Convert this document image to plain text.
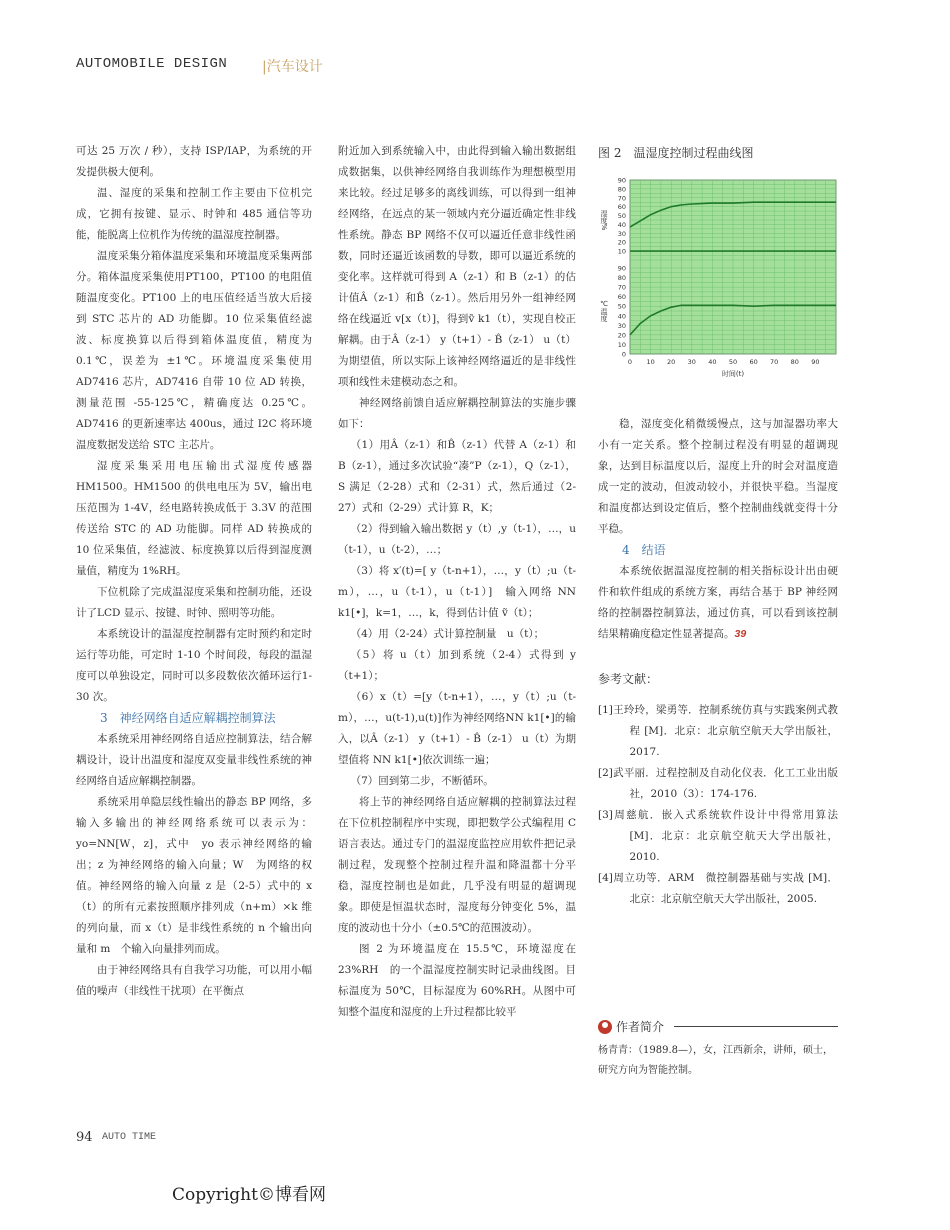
AUTOMOBILE DESIGN |汽车设计

可达 25 万次 / 秒），支持 ISP/IAP，为系统的开发提供极大便利。

温、湿度的采集和控制工作主要由下位机完成，它拥有按键、显示、时钟和 485 通信等功能，能脱离上位机作为传统的温湿度控制器。

温度采集分箱体温度采集和环境温度采集两部分。箱体温度采集使用PT100，PT100 的电阻值随温度变化。PT100 上的电压值经适当放大后接到 STC 芯片的 AD 功能脚。10 位采集值经滤波、标度换算以后得到箱体温度值，精度为 0.1℃，误差为 ±1℃。环境温度采集使用 AD7416 芯片，AD7416 自带 10 位 AD 转换，测量范围 -55-125℃，精确度达 0.25℃。AD7416 的更新速率达 400us，通过 I2C 将环境温度数据发送给 STC 主芯片。

湿度采集采用电压输出式湿度传感器 HM1500。HM1500 的供电电压为 5V，输出电压范围为 1-4V，经电路转换成低于 3.3V 的范围传送给 STC 的 AD 功能脚。同样 AD 转换成的 10 位采集值，经滤波、标度换算以后得到湿度测量值，精度为 1%RH。

下位机除了完成温湿度采集和控制功能，还设计了LCD 显示、按键、时钟、照明等功能。

本系统设计的温湿度控制器有定时预约和定时运行等功能，可定时 1-10 个时间段，每段的温湿度可以单独设定，同时可以多段数依次循环运行1-30 次。

3　神经网络自适应解耦控制算法

本系统采用神经网络自适应控制算法，结合解耦设计，设计出温度和湿度双变量非线性系统的神经网络自适应解耦控制器。

系统采用单隐层线性输出的静态 BP 网络，多输入多输出的神经网络系统可以表示为：yo=NN[W，z]，式中　yo 表示神经网络的输出；z 为神经网络的输入向量；W　为网络的权值。神经网络的输入向量 z 是（2-5）式中的 x（t）的所有元素按照顺序排列成（n+m）×k 维的列向量，而 x（t）是非线性系统的 n 个输出向量和 m　个输入向量排列而成。

由于神经网络具有自我学习功能，可以用小幅值的噪声（非线性干扰项）在平衡点

附近加入到系统输入中，由此得到输入输出数据组成数据集，以供神经网络自我训练作为理想模型用来比较。经过足够多的离线训练，可以得到一组神经网络，在远点的某一领域内充分逼近确定性非线性系统。静态 BP 网络不仅可以逼近任意非线性函数，同时还逼近该函数的导数，即可以逼近系统的变化率。这样就可得到 A（z-1）和 B（z-1）的估计值Â（z-1）和B̂（z-1）。然后用另外一组神经网络在线逼近 v[x（t）]，得到ṽ k1（t），实现自校正解耦。由于Â（z-1） y（t+1）- B̂（z-1） u（t）为期望值，所以实际上该神经网络逼近的是非线性项和线性未建模动态之和。

神经网络前馈自适应解耦控制算法的实施步骤如下：

（1）用Â（z-1）和B̂（z-1）代替 A（z-1）和 B（z-1），通过多次试验“凑”P（z-1），Q（z-1），S 满足（2-28）式和（2-31）式，然后通过（2-27）式和（2-29）式计算 R，K；

（2）得到输入输出数据 y（t）,y（t-1），…，u（t-1），u（t-2），…；

（3）将 x′(t)=[ y（t-n+1），…，y（t）;u（t-m），…，u（t-1），u（t-1）]　输入网络 NN k1[•]，k=1，…，k，得到估计值 ṽ（t）；

（4）用（2-24）式计算控制量　u（t）；

（5）将 u（t）加到系统（2-4）式得到 y（t+1）；

（6）x（t）=[y（t-n+1），…，y（t）;u（t-m），…，u(t-1),u(t)]作为神经网络NN k1[•]的输入，以Â（z-1） y（t+1）- B̂（z-1） u（t）为期望值将 NN k1[•]依次训练一遍；

（7）回到第二步，不断循环。

将上节的神经网络自适应解耦的控制算法过程在下位机控制程序中实现，即把数学公式编程用 C 语言表达。通过专门的温湿度监控应用软件把记录制过程，发现整个控制过程升温和降温都十分平稳，湿度控制也是如此，几乎没有明显的超调现象。即使是恒温状态时，湿度每分钟变化 5%，温度的波动也十分小（±0.5℃的范围波动）。

图 2 为环境温度在 15.5℃，环境湿度在 23%RH　的一个温湿度控制实时记录曲线图。目标温度为 50℃，目标湿度为 60%RH。从图中可知整个温度和湿度的上升过程都比较平

图 2　温湿度控制过程曲线图
90
80
70
60
50
40
30
20
10
湿度%
90
80
70
60
50
40
30
20
10
0
℃温度
0 10 20 30 40 50 60 70 80 90
时间(t)

稳，湿度变化稍微缓慢点，这与加湿器功率大小有一定关系。整个控制过程没有明显的超调现象，达到目标温度以后，湿度上升的时会对温度造成一定的波动，但波动较小，并很快平稳。当湿度和温度都达到设定值后，整个控制曲线就变得十分平稳。

4　结语

本系统依据温湿度控制的相关指标设计出由硬件和软件组成的系统方案，再结合基于 BP 神经网络的控制器控制算法，通过仿真，可以看到该控制结果精确度稳定性显著提高。39

参考文献：

[1]王玲玲，梁勇等．控制系统仿真与实践案例式教程 [M]．北京：北京航空航天大学出版社，2017.

[2]武平丽．过程控制及自动化仪表．化工工业出版社，2010（3）：174-176.

[3]周慈航．嵌入式系统软件设计中得常用算法 [M]．北京：北京航空航天大学出版社，2010.

[4]周立功等．ARM　微控制器基础与实战 [M]．北京：北京航空航天大学出版社，2005.

作者简介
杨青青：（1989.8—），女，江西新余，讲师，硕士，研究方向为智能控制。
94 AUTO TIME
Copyright©博看网
